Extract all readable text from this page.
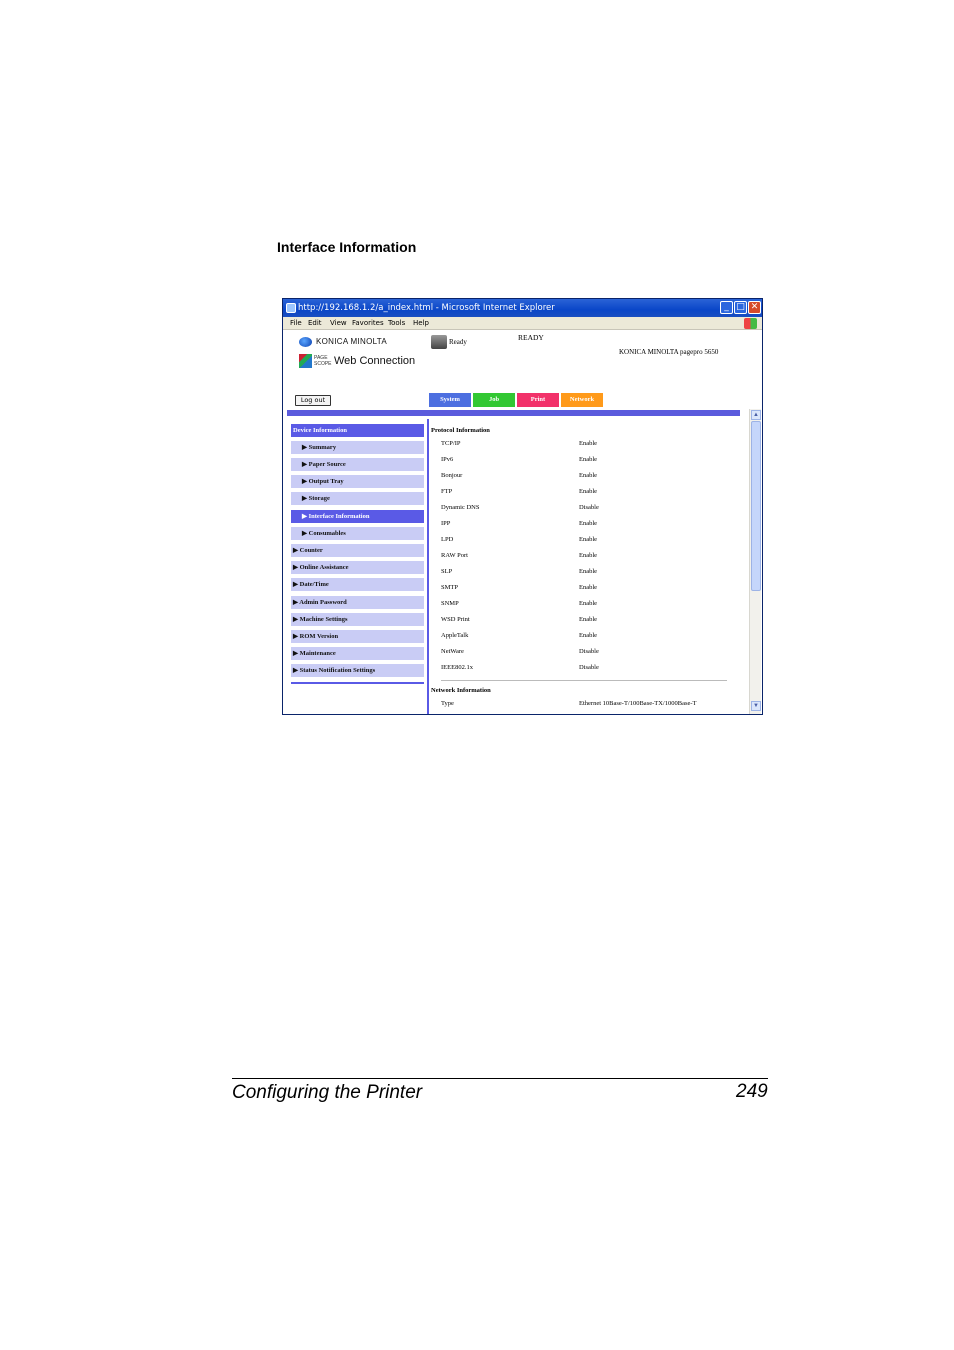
Interface Information
http://192.168.1.2/a_index.html - Microsoft Internet Explorer	_ □ ✕
File Edit View Favorites Tools Help
KONICA MINOLTA
PAGE SCOPE Web Connection
Ready	READY
KONICA MINOLTA pagepro 5650
Log out	System	Job	Print	Network
▲
▼
Device Information
▶ Summary
▶ Paper Source
▶ Output Tray
▶ Storage
▶ Interface Information
▶ Consumables
▶ Counter
▶ Online Assistance
▶ Date/Time
▶ Admin Password
▶ Machine Settings
▶ ROM Version
▶ Maintenance
▶ Status Notification Settings
Protocol Information
TCP/IP	Enable
IPv6	Enable
Bonjour	Enable
FTP	Enable
Dynamic DNS	Disable
IPP	Enable
LPD	Enable
RAW Port	Enable
SLP	Enable
SMTP	Enable
SNMP	Enable
WSD Print	Enable
AppleTalk	Enable
NetWare	Disable
IEEE802.1x	Disable
Network Information
Type	Ethernet 10Base-T/100Base-TX/1000Base-T
Configuring the Printer	249
